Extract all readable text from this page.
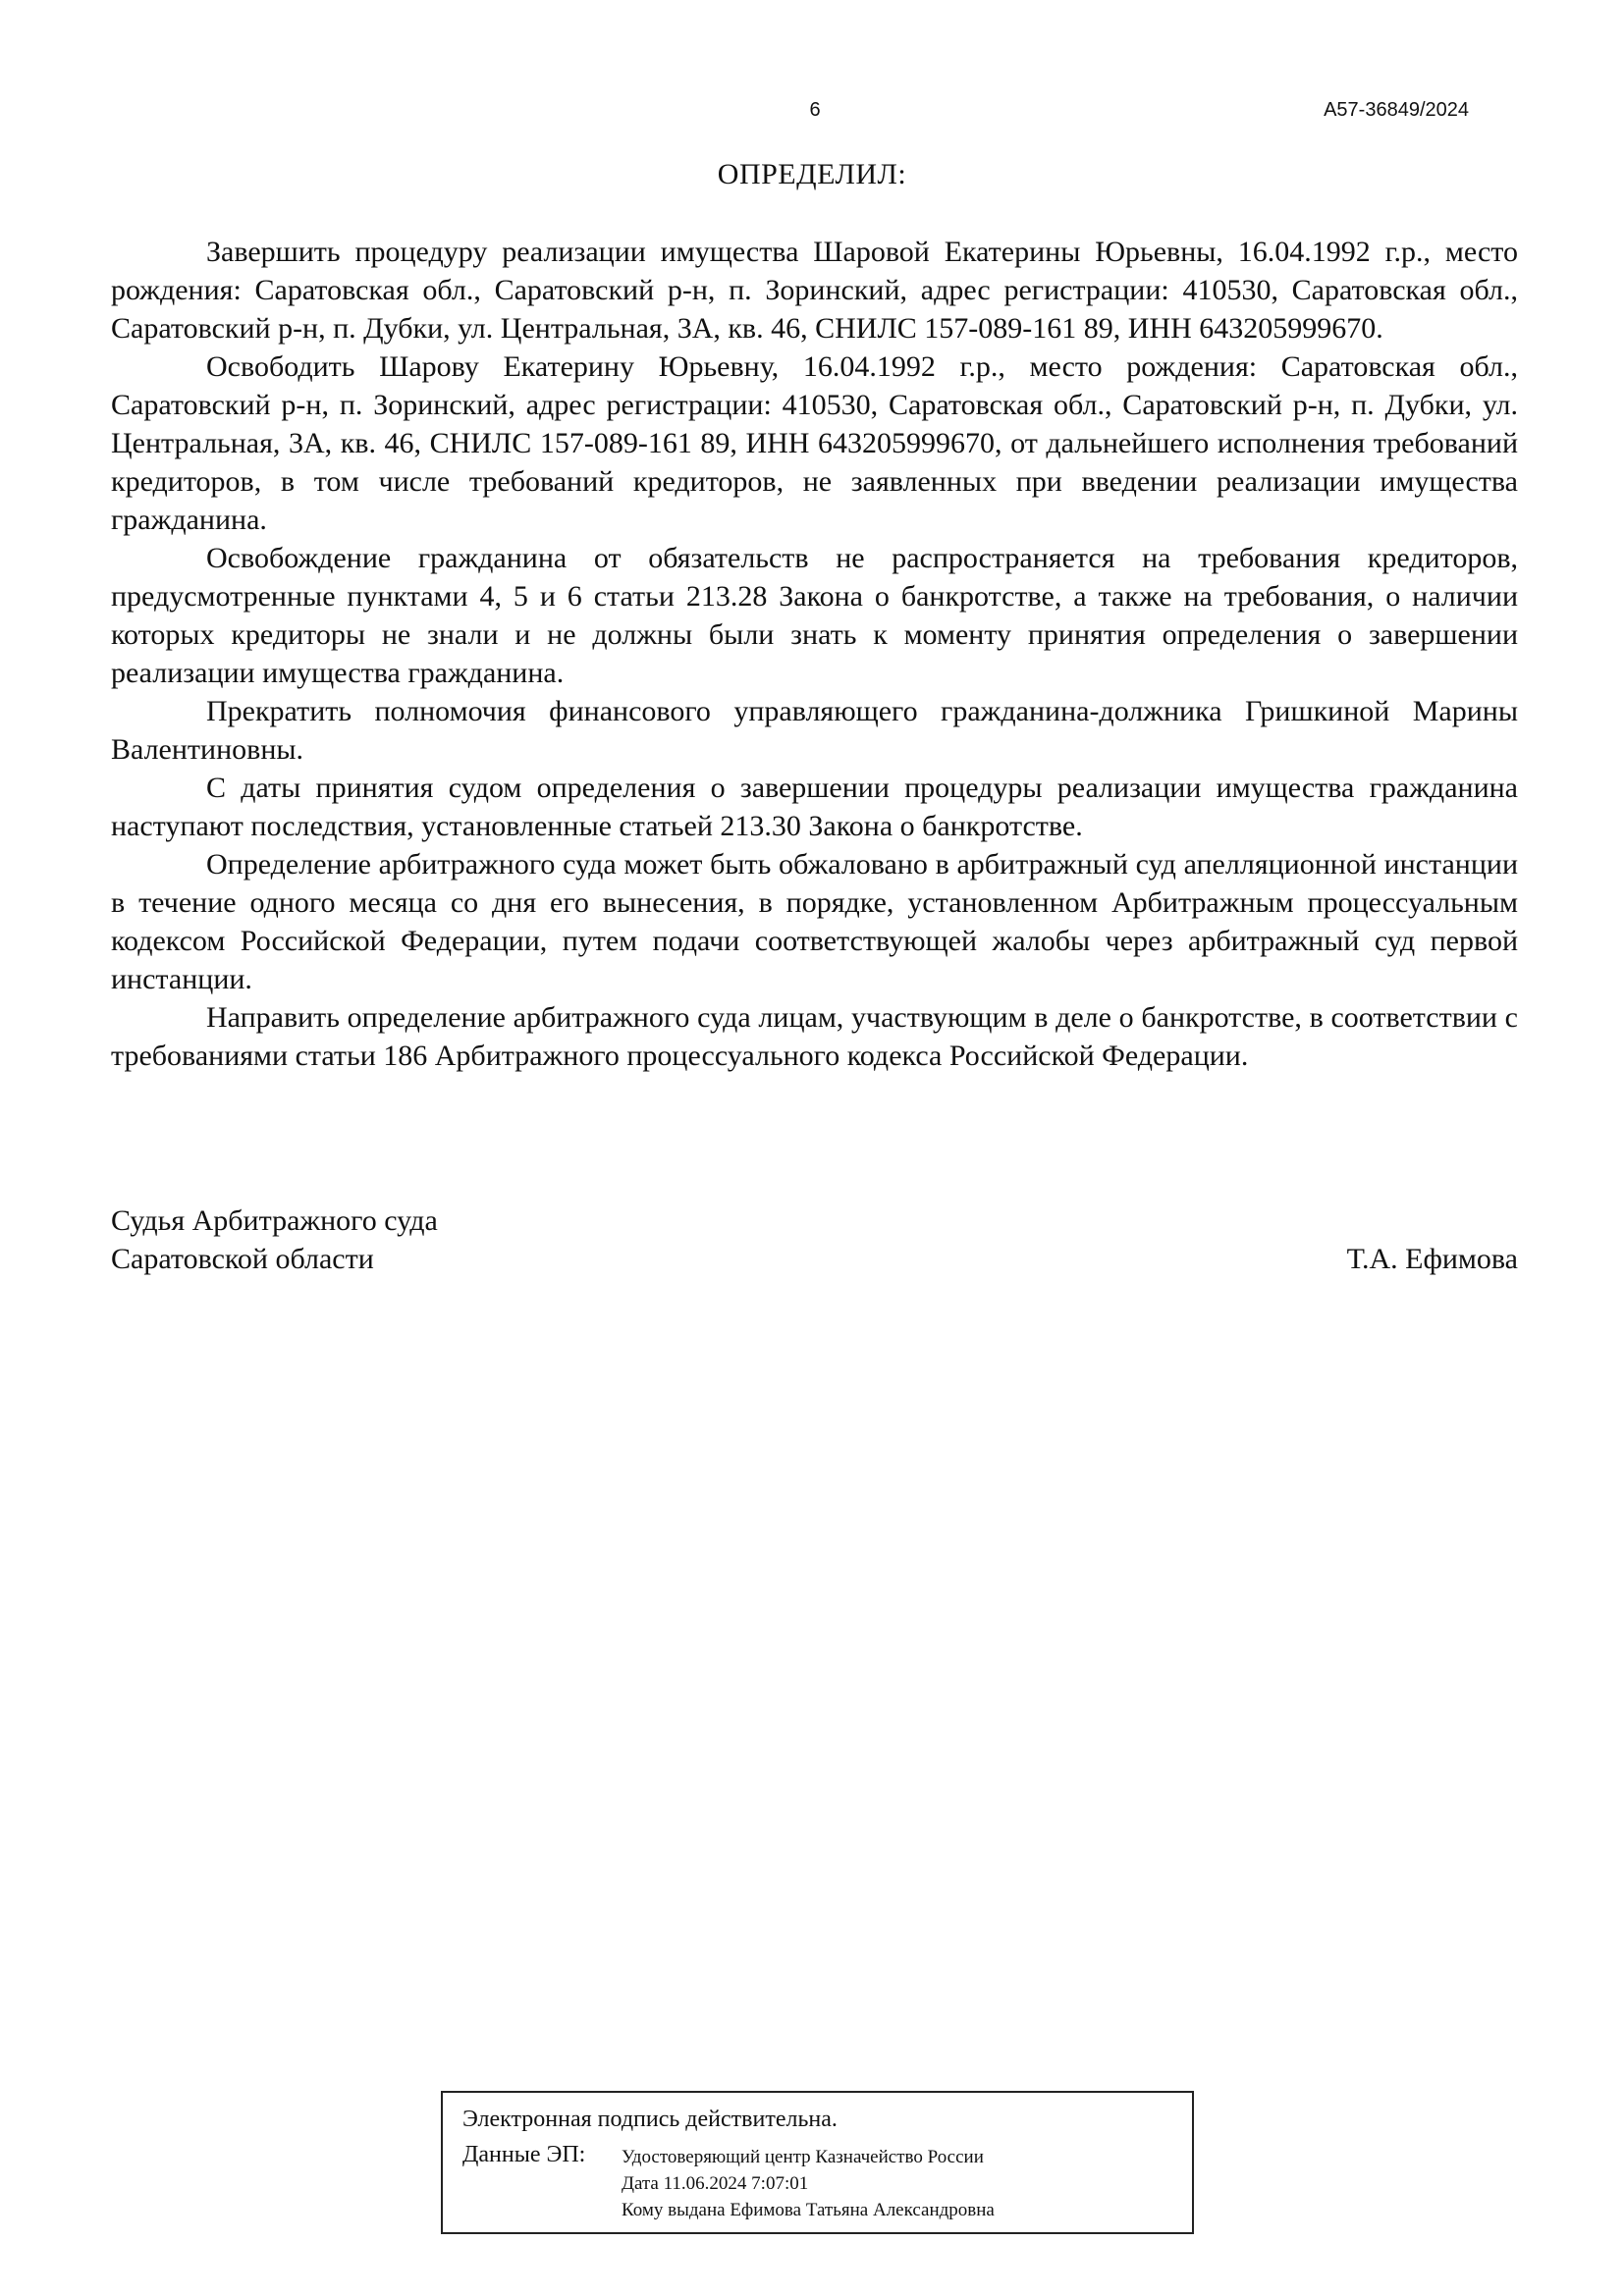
6	А57-36849/2024
ОПРЕДЕЛИЛ:

Завершить процедуру реализации имущества Шаровой Екатерины Юрьевны, 16.04.1992 г.р., место рождения: Саратовская обл., Саратовский р-н, п. Зоринский, адрес регистрации: 410530, Саратовская обл., Саратовский р-н, п. Дубки, ул. Центральная, 3А, кв. 46, СНИЛС 157-089-161 89, ИНН 643205999670.

Освободить Шарову Екатерину Юрьевну, 16.04.1992 г.р., место рождения: Саратовская обл., Саратовский р-н, п. Зоринский, адрес регистрации: 410530, Саратовская обл., Саратовский р-н, п. Дубки, ул. Центральная, 3А, кв. 46, СНИЛС 157-089-161 89, ИНН 643205999670, от дальнейшего исполнения требований кредиторов, в том числе требований кредиторов, не заявленных при введении реализации имущества гражданина.

Освобождение гражданина от обязательств не распространяется на требования кредиторов, предусмотренные пунктами 4, 5 и 6 статьи 213.28 Закона о банкротстве, а также на требования, о наличии которых кредиторы не знали и не должны были знать к моменту принятия определения о завершении реализации имущества гражданина.

Прекратить полномочия финансового управляющего гражданина-должника Гришкиной Марины Валентиновны.

С даты принятия судом определения о завершении процедуры реализации имущества гражданина наступают последствия, установленные статьей 213.30 Закона о банкротстве.

Определение арбитражного суда может быть обжаловано в арбитражный суд апелляционной инстанции в течение одного месяца со дня его вынесения, в порядке, установленном Арбитражным процессуальным кодексом Российской Федерации, путем подачи соответствующей жалобы через арбитражный суд первой инстанции.

Направить определение арбитражного суда лицам, участвующим в деле о банкротстве, в соответствии с требованиями статьи 186 Арбитражного процессуального кодекса Российской Федерации.

Судья Арбитражного суда
Саратовской области	Т.А. Ефимова
Электронная подпись действительна.
Данные ЭП: Удостоверяющий центр Казначейство России
Дата 11.06.2024 7:07:01
Кому выдана Ефимова Татьяна Александровна
